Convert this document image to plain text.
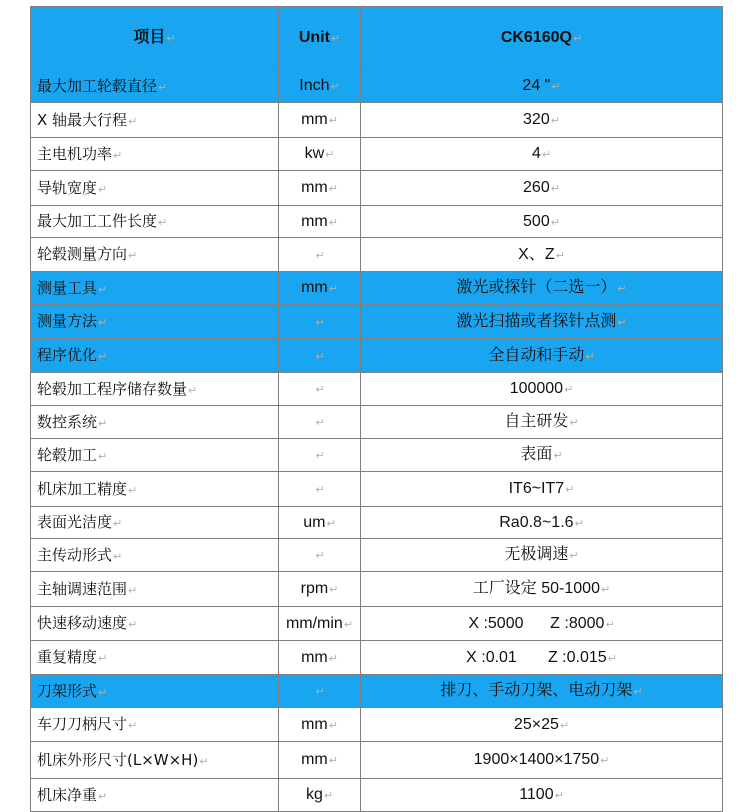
项目↵	Unit↵	CK6160Q↵
最大加工轮毂直径↵	Inch↵	24 "↵
X 轴最大行程↵	mm↵	320↵
主电机功率↵	kw↵	4↵
导轨宽度↵	mm↵	260↵
最大加工工件长度↵	mm↵	500↵
轮毂测量方向↵	↵	X、Z↵
测量工具↵	mm↵	激光或探针（二选一）↵
测量方法↵	↵	激光扫描或者探针点测↵
程序优化↵	↵	全自动和手动↵
轮毂加工程序储存数量↵	↵	100000↵
数控系统↵	↵	自主研发↵
轮毂加工↵	↵	表面↵
机床加工精度↵	↵	IT6~IT7↵
表面光洁度↵	um↵	Ra0.8~1.6↵
主传动形式↵	↵	无极调速↵
主轴调速范围↵	rpm↵	工厂设定 50-1000↵
快速移动速度↵	mm/min↵	X :5000      Z :8000↵
重复精度↵	mm↵	X :0.01       Z :0.015↵
刀架形式↵	↵	排刀、手动刀架、电动刀架↵
车刀刀柄尺寸↵	mm↵	25×25↵
机床外形尺寸(L×W×H)↵	mm↵	1900×1400×1750↵
机床净重↵	kg↵	1100↵
